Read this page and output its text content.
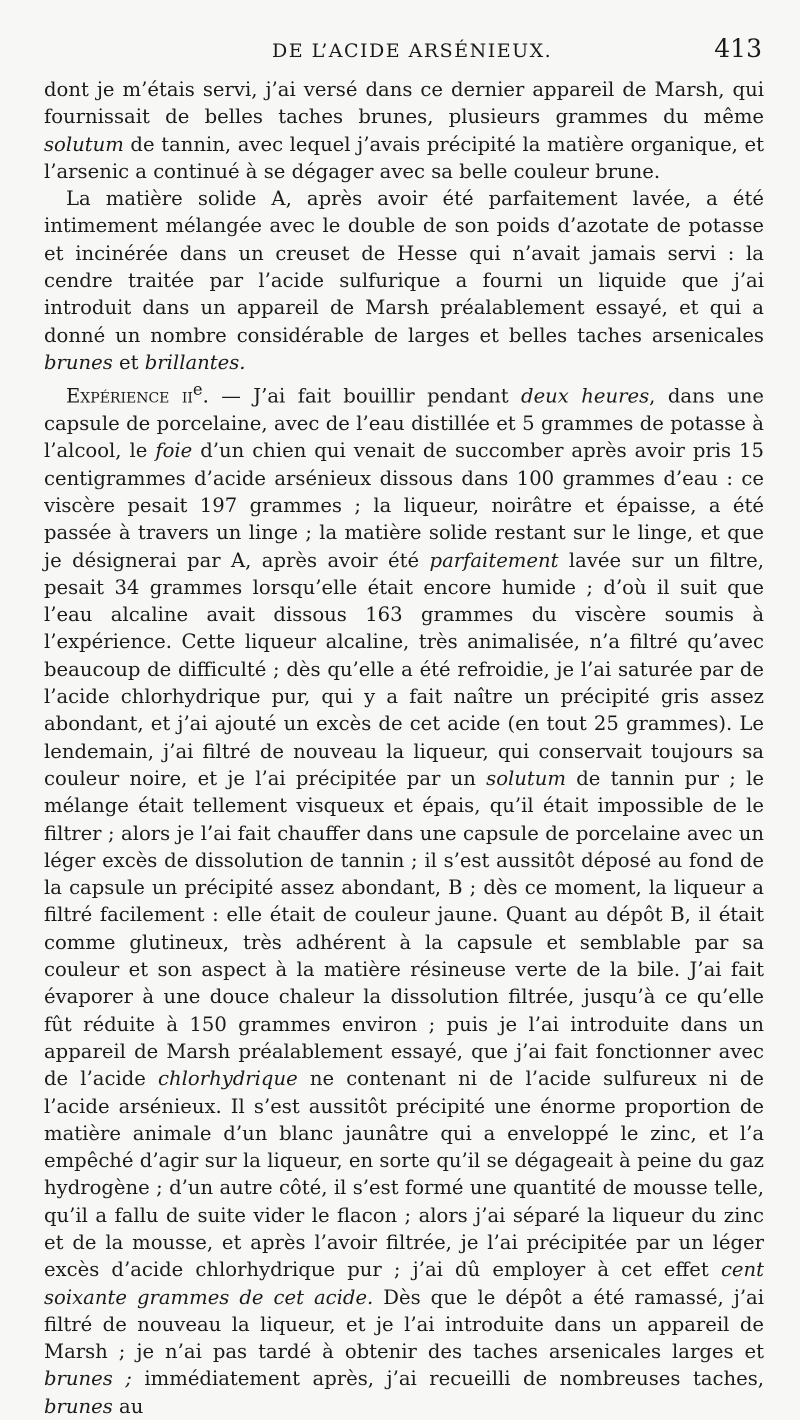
DE L’ACIDE ARSÉNIEUX.	413

dont je m’étais servi, j’ai versé dans ce dernier appareil de Marsh, qui fournissait de belles taches brunes, plusieurs grammes du même solutum de tannin, avec lequel j’avais précipité la matière organique, et l’arsenic a continué à se dégager avec sa belle couleur brune.

La matière solide A, après avoir été parfaitement lavée, a été intimement mélangée avec le double de son poids d’azotate de potasse et incinérée dans un creuset de Hesse qui n’avait jamais servi : la cendre traitée par l’acide sulfurique a fourni un liquide que j’ai introduit dans un appareil de Marsh préalablement essayé, et qui a donné un nombre considérable de larges et belles taches arsenicales brunes et brillantes.

Expérience $ii^e$. — J’ai fait bouillir pendant deux heures, dans une capsule de porcelaine, avec de l’eau distillée et 5 grammes de potasse à l’alcool, le foie d’un chien qui venait de succomber après avoir pris 15 centigrammes d’acide arsénieux dissous dans 100 grammes d’eau : ce viscère pesait 197 grammes ; la liqueur, noirâtre et épaisse, a été passée à travers un linge ; la matière solide restant sur le linge, et que je désignerai par A, après avoir été parfaitement lavée sur un filtre, pesait 34 grammes lorsqu’elle était encore humide ; d’où il suit que l’eau alcaline avait dissous 163 grammes du viscère soumis à l’expérience. Cette liqueur alcaline, très animalisée, n’a filtré qu’avec beaucoup de difficulté ; dès qu’elle a été refroidie, je l’ai saturée par de l’acide chlorhydrique pur, qui y a fait naître un précipité gris assez abondant, et j’ai ajouté un excès de cet acide (en tout 25 grammes). Le lendemain, j’ai filtré de nouveau la liqueur, qui conservait toujours sa couleur noire, et je l’ai précipitée par un solutum de tannin pur ; le mélange était tellement visqueux et épais, qu’il était impossible de le filtrer ; alors je l’ai fait chauffer dans une capsule de porcelaine avec un léger excès de dissolution de tannin ; il s’est aussitôt déposé au fond de la capsule un précipité assez abondant, B ; dès ce moment, la liqueur a filtré facilement : elle était de couleur jaune. Quant au dépôt B, il était comme glutineux, très adhérent à la capsule et semblable par sa couleur et son aspect à la matière résineuse verte de la bile. J’ai fait évaporer à une douce chaleur la dissolution filtrée, jusqu’à ce qu’elle fût réduite à 150 grammes environ ; puis je l’ai introduite dans un appareil de Marsh préalablement essayé, que j’ai fait fonctionner avec de l’acide chlorhydrique ne contenant ni de l’acide sulfureux ni de l’acide arsénieux. Il s’est aussitôt précipité une énorme proportion de matière animale d’un blanc jaunâtre qui a enveloppé le zinc, et l’a empêché d’agir sur la liqueur, en sorte qu’il se dégageait à peine du gaz hydrogène ; d’un autre côté, il s’est formé une quantité de mousse telle, qu’il a fallu de suite vider le flacon ; alors j’ai séparé la liqueur du zinc et de la mousse, et après l’avoir filtrée, je l’ai précipitée par un léger excès d’acide chlorhydrique pur ; j’ai dû employer à cet effet cent soixante grammes de cet acide. Dès que le dépôt a été ramassé, j’ai filtré de nouveau la liqueur, et je l’ai introduite dans un appareil de Marsh ; je n’ai pas tardé à obtenir des taches arsenicales larges et brunes ; immédiatement après, j’ai recueilli de nombreuses taches, brunes au
